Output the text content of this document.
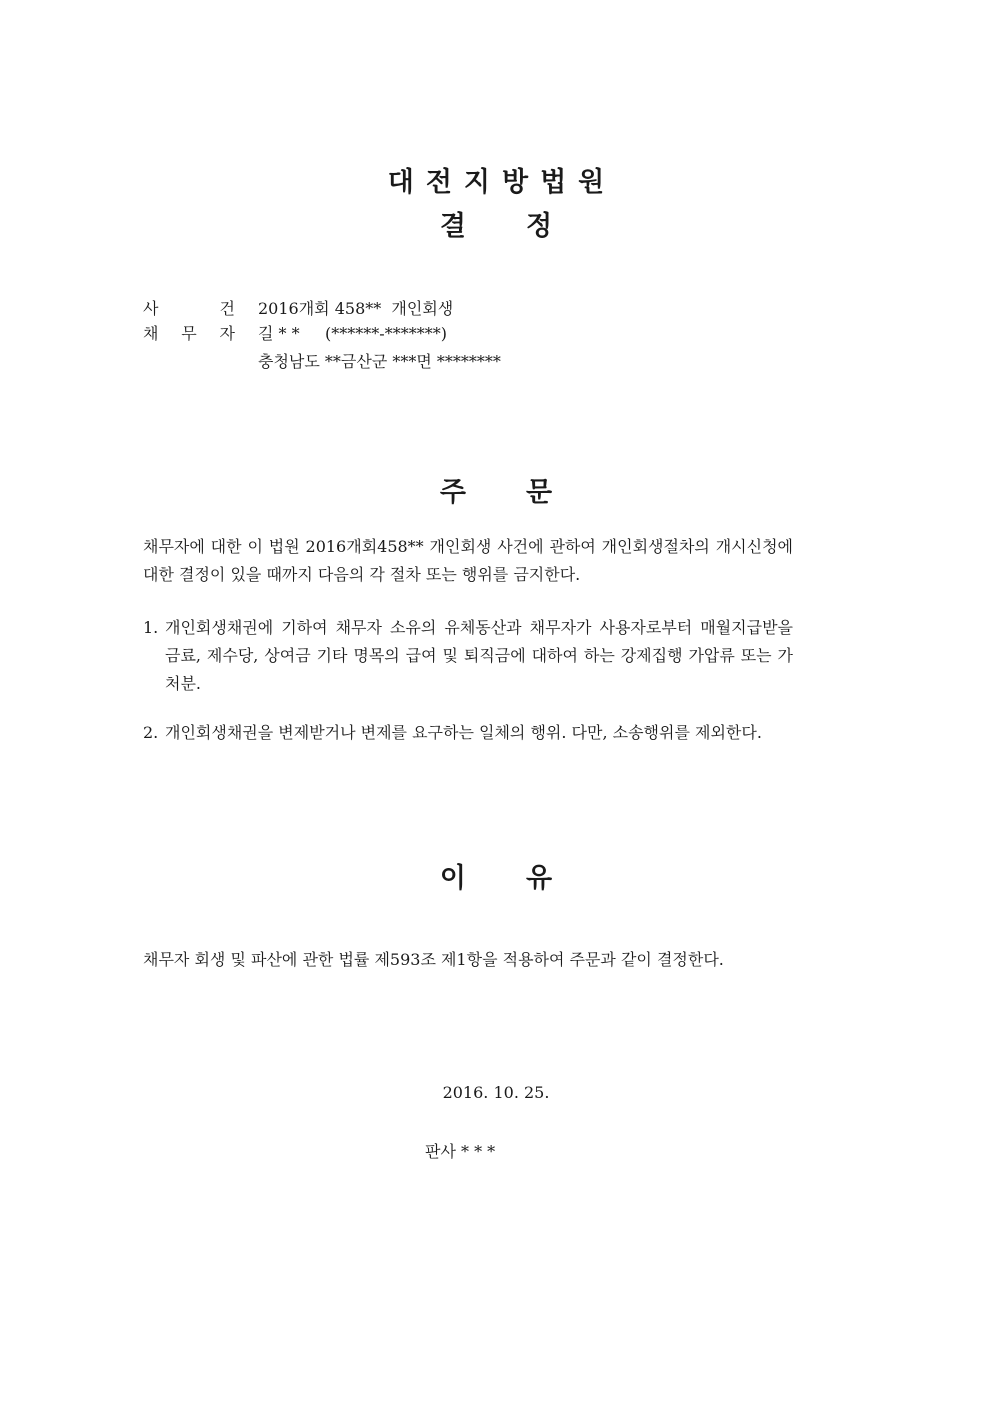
대전지방법원
결정
사	건 2016개회 458**  개인회생
채 무 자 길 * *     (******-*******)
충청남도 **금산군 ***면 ********
주문
채무자에 대한 이 법원 2016개회458** 개인회생 사건에 관하여 개인회생절차의 개시신청에 대한 결정이 있을 때까지 다음의 각 절차 또는 행위를 금지한다.
1. 개인회생채권에 기하여 채무자 소유의 유체동산과 채무자가 사용자로부터 매월지급받을 금료, 제수당, 상여금 기타 명목의 급여 및 퇴직금에 대하여 하는 강제집행 가압류 또는 가처분.
2. 개인회생채권을 변제받거나 변제를 요구하는 일체의 행위. 다만, 소송행위를 제외한다.
이유
채무자 회생 및 파산에 관한 법률 제593조 제1항을 적용하여 주문과 같이 결정한다.
2016. 10. 25.
판사 * * *
